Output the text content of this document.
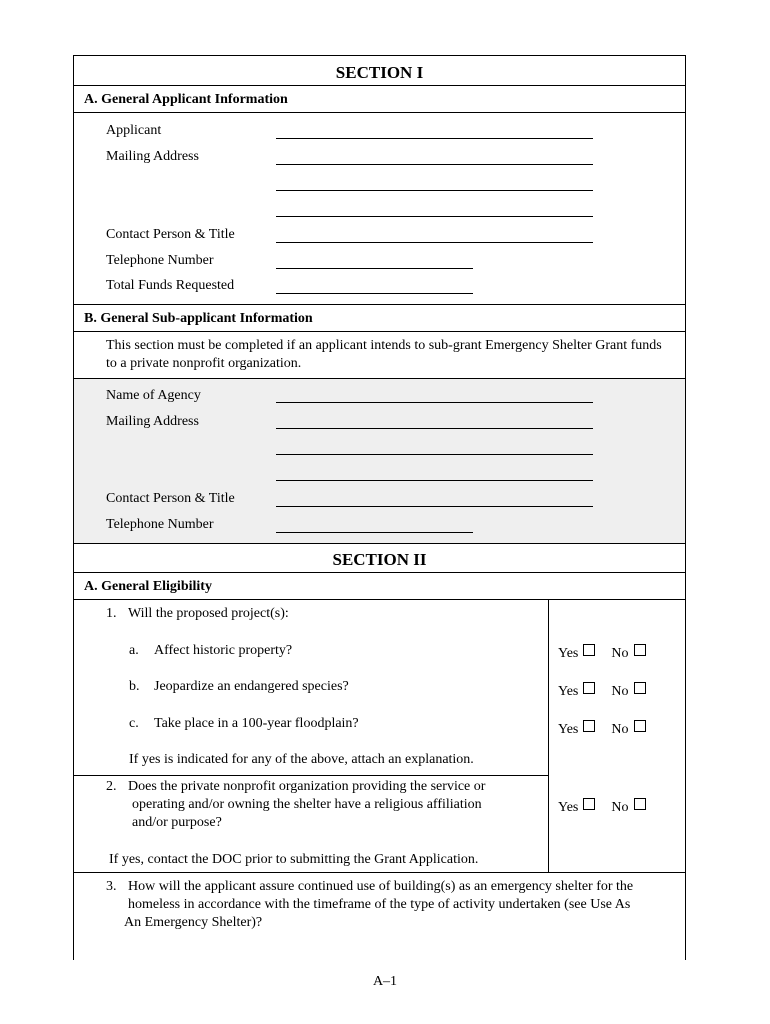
SECTION I
A. General Applicant Information
Applicant
Mailing Address
Contact Person & Title
Telephone Number
Total Funds Requested
B. General Sub-applicant Information
This section must be completed if an applicant intends to sub-grant Emergency Shelter Grant funds to a private nonprofit organization.
Name of Agency
Mailing Address
Contact Person & Title
Telephone Number
SECTION II
A. General Eligibility
1. Will the proposed project(s):
a. Affect historic property?	Yes No
b. Jeopardize an endangered species?	Yes No
c. Take place in a 100-year floodplain?	Yes No
If yes is indicated for any of the above, attach an explanation.
2. Does the private nonprofit organization providing the service or
operating and/or owning the shelter have a religious affiliation
and/or purpose?
Yes No
If yes, contact the DOC prior to submitting the Grant Application.
3. How will the applicant assure continued use of building(s) as an emergency shelter for the
homeless in accordance with the timeframe of the type of activity undertaken (see Use As
An Emergency Shelter)?
A–1
